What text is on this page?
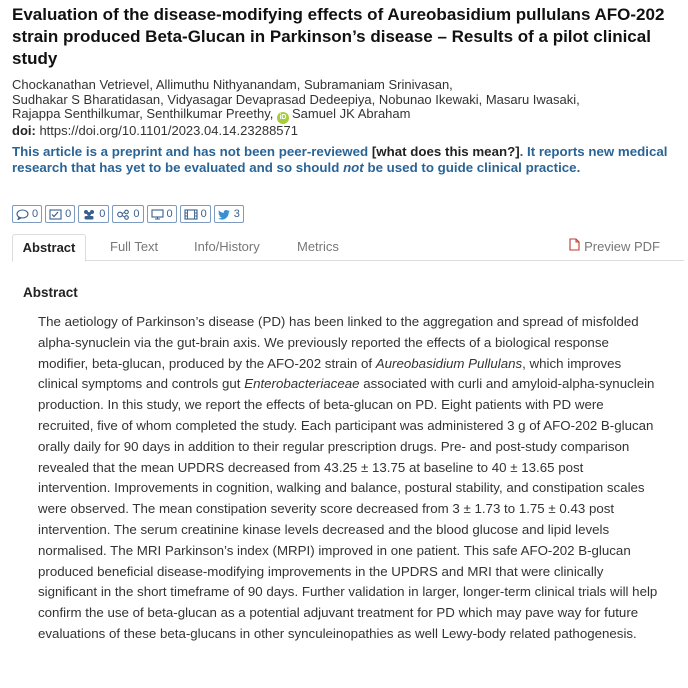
Evaluation of the disease-modifying effects of Aureobasidium pullulans AFO-202 strain produced Beta-Glucan in Parkinson’s disease – Results of a pilot clinical study
Chockanathan Vetrievel, Allimuthu Nithyanandam, Subramaniam Srinivasan,
Sudhakar S Bharatidasan, Vidyasagar Devaprasad Dedeepiya, Nobunao Ikewaki, Masaru Iwasaki,
Rajappa Senthilkumar, Senthilkumar Preethy, iD Samuel JK Abraham
doi: https://doi.org/10.1101/2023.04.14.23288571
This article is a preprint and has not been peer-reviewed [what does this mean?]. It reports new medical research that has yet to be evaluated and so should not be used to guide clinical practice.
0 0	0	0 0	0 3
Abstract	Full Text	Info/History	Metrics	Preview PDF
Abstract
The aetiology of Parkinson’s disease (PD) has been linked to the aggregation and spread of misfolded alpha-synuclein via the gut-brain axis. We previously reported the effects of a biological response modifier, beta-glucan, produced by the AFO-202 strain of Aureobasidium Pullulans, which improves clinical symptoms and controls gut Enterobacteriaceae associated with curli and amyloid-alpha-synuclein production. In this study, we report the effects of beta-glucan on PD. Eight patients with PD were recruited, five of whom completed the study. Each participant was administered 3 g of AFO-202 B-glucan orally daily for 90 days in addition to their regular prescription drugs. Pre- and post-study comparison revealed that the mean UPDRS decreased from 43.25 ± 13.75 at baseline to 40 ± 13.65 post intervention. Improvements in cognition, walking and balance, postural stability, and constipation scales were observed. The mean constipation severity score decreased from 3 ± 1.73 to 1.75 ± 0.43 post intervention. The serum creatinine kinase levels decreased and the blood glucose and lipid levels normalised. The MRI Parkinson’s index (MRPI) improved in one patient. This safe AFO-202 B-glucan produced beneficial disease-modifying improvements in the UPDRS and MRI that were clinically significant in the short timeframe of 90 days. Further validation in larger, longer-term clinical trials will help confirm the use of beta-glucan as a potential adjuvant treatment for PD which may pave way for future evaluations of these beta-glucans in other synculeinopathies as well Lewy-body related pathogenesis.
